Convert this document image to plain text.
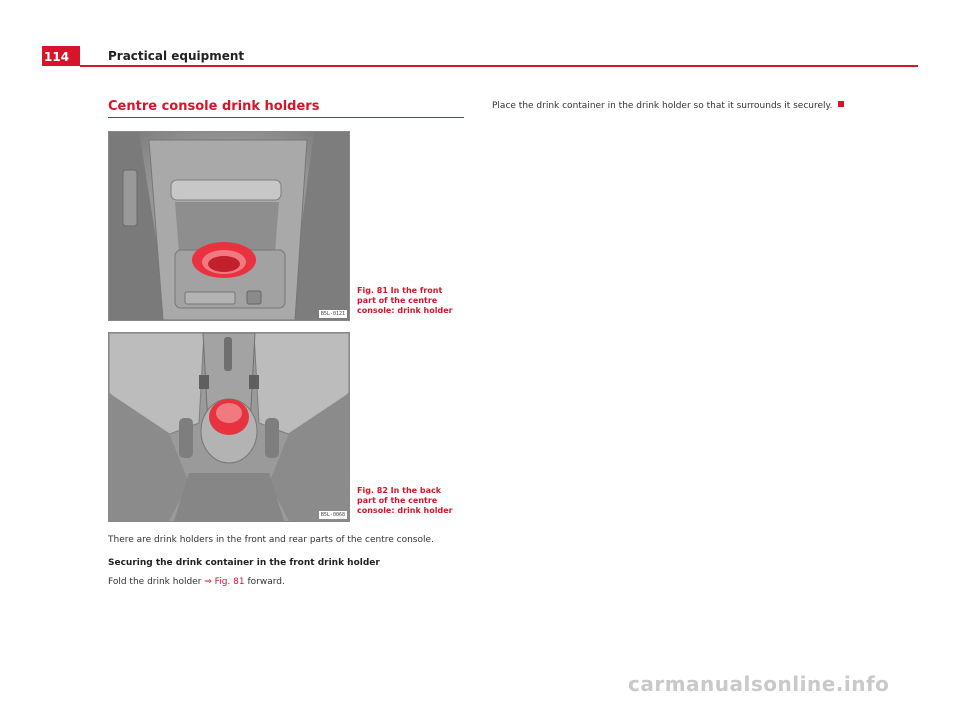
114	Practical equipment
Centre console drink holders
B5L-0121
Fig. 81 In the front part of the centre console: drink holder
B5L-0068
Fig. 82 In the back part of the centre console: drink holder
There are drink holders in the front and rear parts of the centre console.
Securing the drink container in the front drink holder
Fold the drink holder ⇒ Fig. 81 forward.
Place the drink container in the drink holder so that it surrounds it securely.
carmanualsonline.info
